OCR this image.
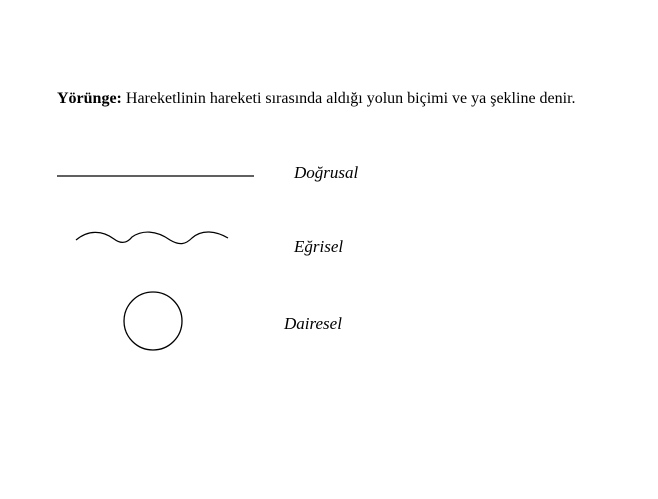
Yörünge: Hareketlinin hareketi sırasında aldığı yolun biçimi ve ya şekline denir.

Doğrusal
Eğrisel
Dairesel
